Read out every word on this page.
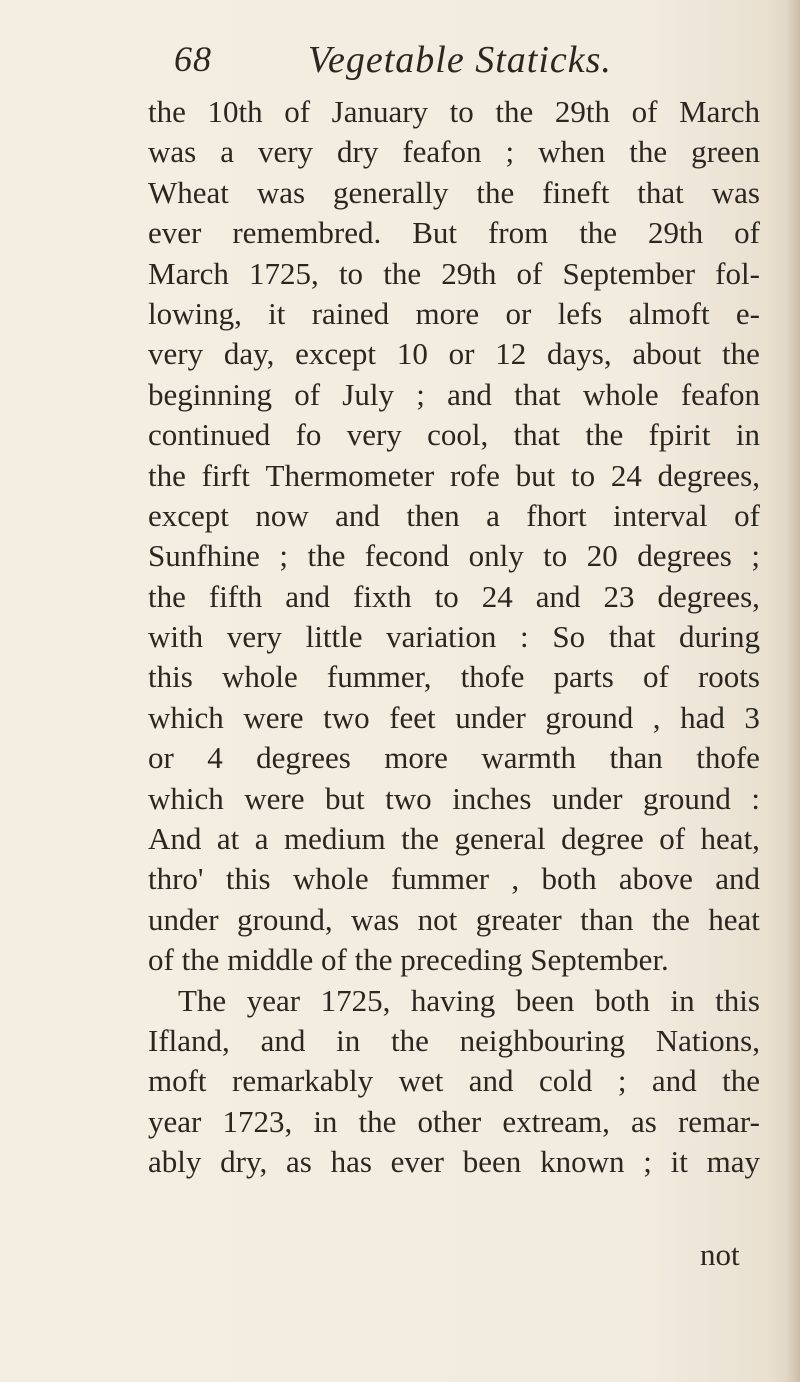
68	Vegetable Staticks.
the 10th of January to the 29th of March
was a very dry feafon ; when the green
Wheat was generally the fineft that was
ever remembred. But from the 29th of
March 1725, to the 29th of September fol-
lowing, it rained more or lefs almoft e-
very day, except 10 or 12 days, about the
beginning of July ; and that whole feafon
continued fo very cool, that the fpirit in
the firft Thermometer rofe but to 24 degrees,
except now and then a fhort interval of
Sunfhine ; the fecond only to 20 degrees ;
the fifth and fixth to 24 and 23 degrees,
with very little variation : So that during
this whole fummer, thofe parts of roots
which were two feet under ground , had 3
or 4 degrees more warmth than thofe
which were but two inches under ground :
And at a medium the general degree of heat,
thro' this whole fummer , both above and
under ground, was not greater than the heat
of the middle of the preceding September.
The year 1725, having been both in this
Ifland, and in the neighbouring Nations,
moft remarkably wet and cold ; and the
year 1723, in the other extream, as remar-
ably dry, as has ever been known ; it may
not
